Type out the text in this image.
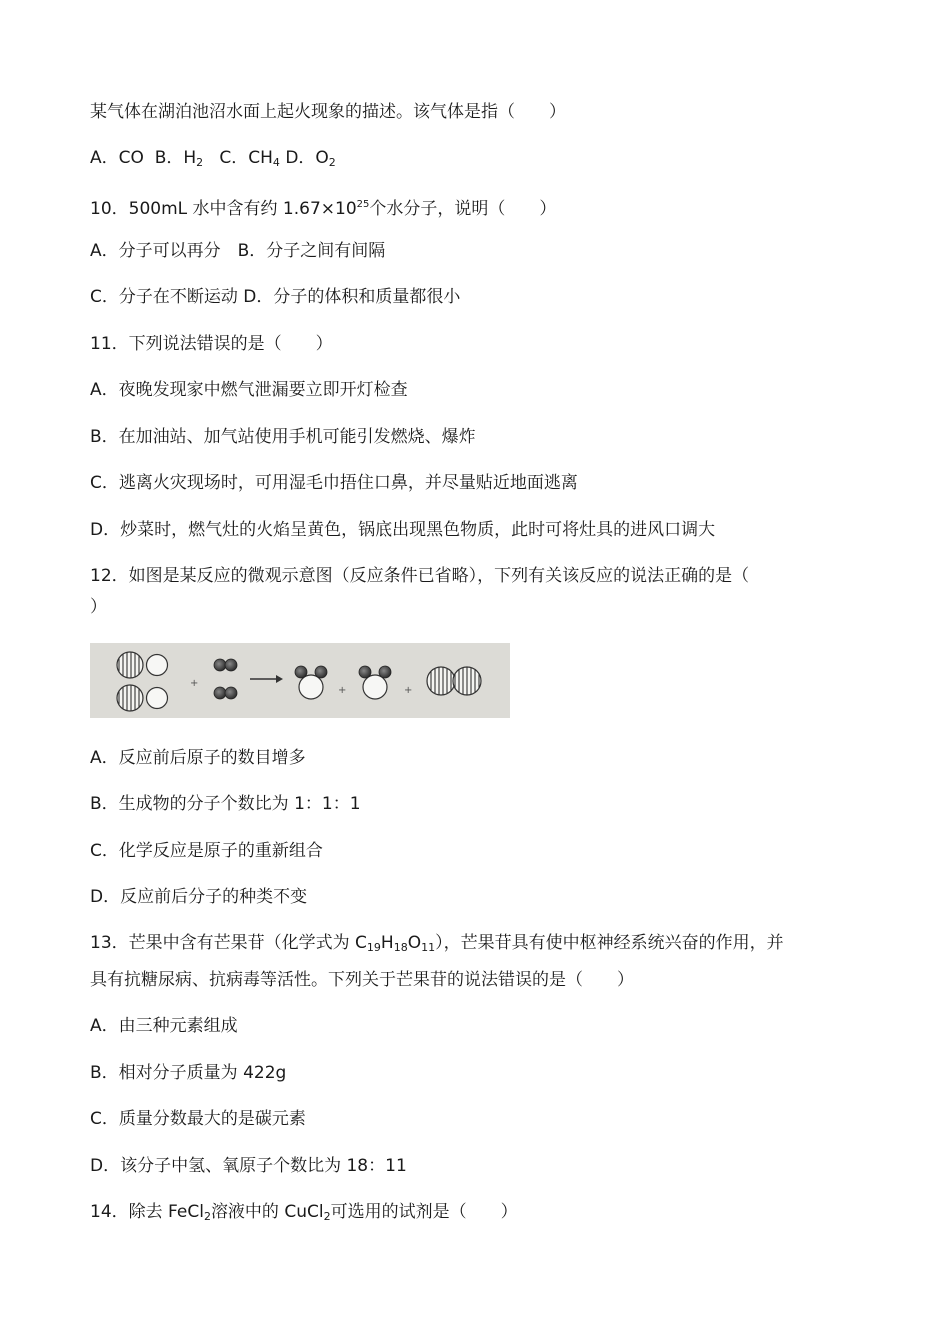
某气体在湖泊池沼水面上起火现象的描述。该气体是指（　　）
A．CO B．$H_2$ C．$CH_4$ D．$O_2$
10．500mL 水中含有约 $1.67\times 10^{25}$个水分子，说明（　　）
A．分子可以再分　B．分子之间有间隔
C．分子在不断运动 D．分子的体积和质量都很小
11．下列说法错误的是（　　）
A．夜晚发现家中燃气泄漏要立即开灯检查
B．在加油站、加气站使用手机可能引发燃烧、爆炸
C．逃离火灾现场时，可用湿毛巾捂住口鼻，并尽量贴近地面逃离
D．炒菜时，燃气灶的火焰呈黄色，锅底出现黑色物质，此时可将灶具的进风口调大
12．如图是某反应的微观示意图（反应条件已省略），下列有关该反应的说法正确的是（
）
+
+	+
A．反应前后原子的数目增多
B．生成物的分子个数比为 1：1：1
C．化学反应是原子的重新组合
D．反应前后分子的种类不变
13．芒果中含有芒果苷（化学式为 $C_{19}H_{18}O_{11}$），芒果苷具有使中枢神经系统兴奋的作用，并
具有抗糖尿病、抗病毒等活性。下列关于芒果苷的说法错误的是（　　）
A．由三种元素组成
B．相对分子质量为 422g
C．质量分数最大的是碳元素
D．该分子中氢、氧原子个数比为 18：11
14．除去 FeCl$_2$溶液中的 CuCl$_2$可选用的试剂是（　　）
